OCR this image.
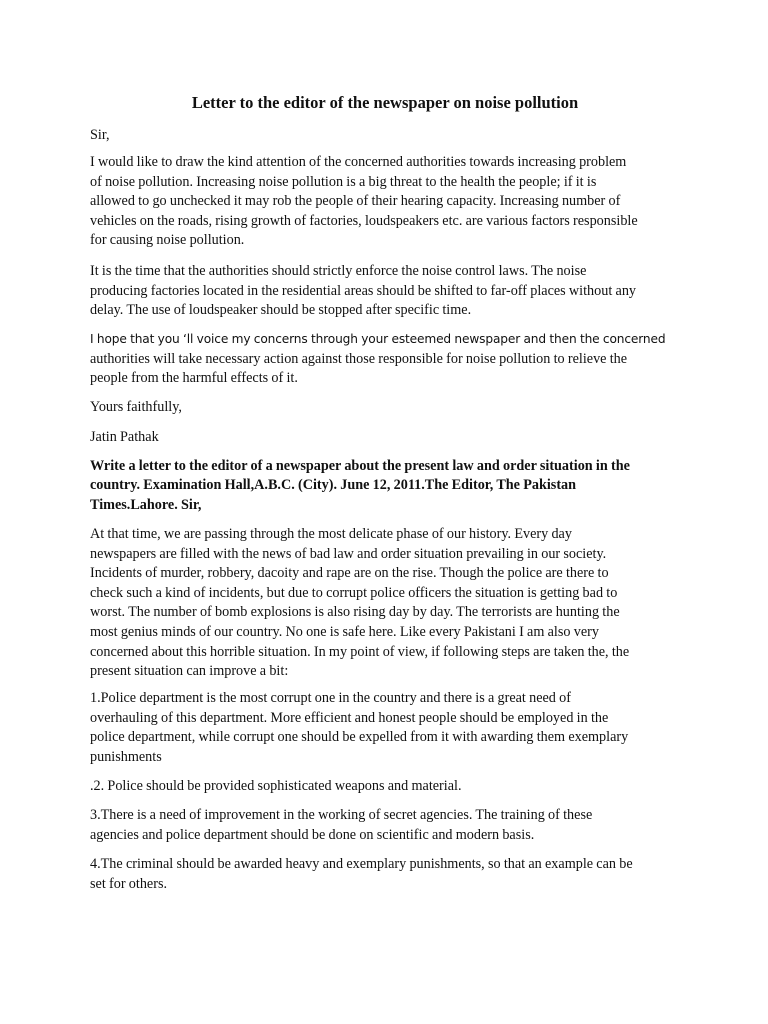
Letter to the editor of the newspaper on noise pollution

Sir,

I would like to draw the kind attention of the concerned authorities towards increasing problem
of noise pollution. Increasing noise pollution is a big threat to the health the people; if it is
allowed to go unchecked it may rob the people of their hearing capacity. Increasing number of
vehicles on the roads, rising growth of factories, loudspeakers etc. are various factors responsible
for causing noise pollution.

It is the time that the authorities should strictly enforce the noise control laws. The noise
producing factories located in the residential areas should be shifted to far-off places without any
delay. The use of loudspeaker should be stopped after specific time.

I hope that you ‘ll voice my concerns through your esteemed newspaper and then the concerned
authorities will take necessary action against those responsible for noise pollution to relieve the
people from the harmful effects of it.

Yours faithfully,

Jatin Pathak

Write a letter to the editor of a newspaper about the present law and order situation in the
country. Examination Hall,A.B.C. (City). June 12, 2011.The Editor, The Pakistan
Times.Lahore. Sir,

At that time, we are passing through the most delicate phase of our history. Every day
newspapers are filled with the news of bad law and order situation prevailing in our society.
Incidents of murder, robbery, dacoity and rape are on the rise. Though the police are there to
check such a kind of incidents, but due to corrupt police officers the situation is getting bad to
worst. The number of bomb explosions is also rising day by day. The terrorists are hunting the
most genius minds of our country. No one is safe here. Like every Pakistani I am also very
concerned about this horrible situation. In my point of view, if following steps are taken the, the
present situation can improve a bit:

1.Police department is the most corrupt one in the country and there is a great need of
overhauling of this department. More efficient and honest people should be employed in the
police department, while corrupt one should be expelled from it with awarding them exemplary
punishments

.2. Police should be provided sophisticated weapons and material.

3.There is a need of improvement in the working of secret agencies. The training of these
agencies and police department should be done on scientific and modern basis.

4.The criminal should be awarded heavy and exemplary punishments, so that an example can be
set for others.
